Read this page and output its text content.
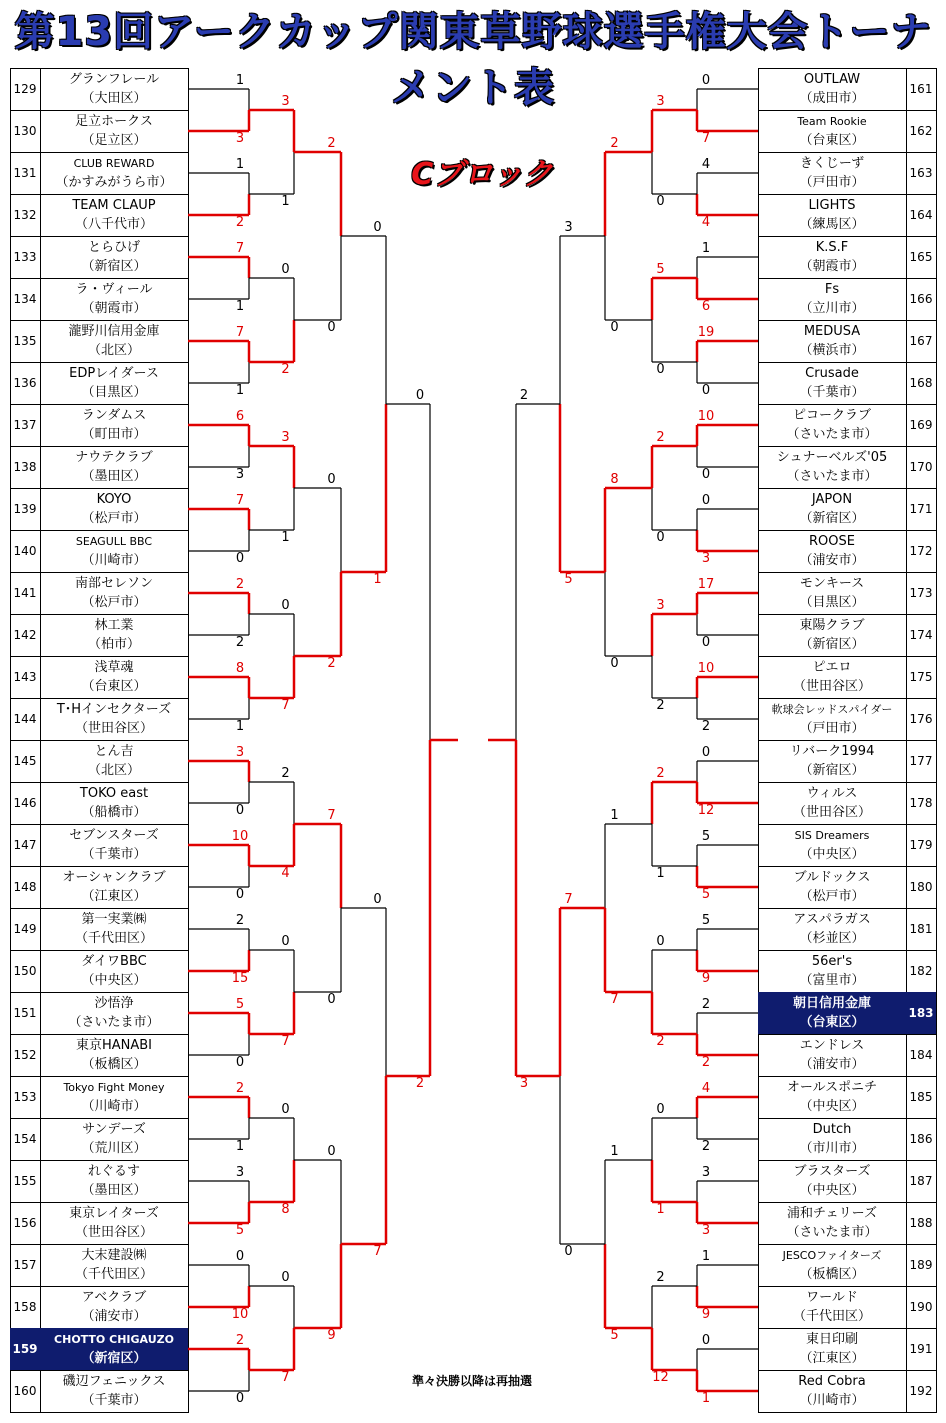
第13回アークカップ関東草野球選手権大会トーナメント表
Cブロック
129
グランフレール
（大田区）
130
足立ホークス
（足立区）
131
CLUB REWARD
（かすみがうら市）
132
TEAM CLAUP
（八千代市）
133
とらひげ
（新宿区）
134
ラ・ヴィール
（朝霞市）
135
瀧野川信用金庫
（北区）
136
EDPレイダース
（目黒区）
137
ランダムス
（町田市）
138
ナウテクラブ
（墨田区）
139
KOYO
（松戸市）
140
SEAGULL BBC
（川崎市）
141
南部セレソン
（松戸市）
142
林工業
（柏市）
143
浅草魂
（台東区）
144
T･Hインセクターズ
（世田谷区）
145
とん吉
（北区）
146
TOKO east
（船橋市）
147
セブンスターズ
（千葉市）
148
オーシャンクラブ
（江東区）
149
第一実業㈱
（千代田区）
150
ダイワBBC
（中央区）
151
沙悟浄
（さいたま市）
152
東京HANABI
（板橋区）
153
Tokyo Fight Money
（川崎市）
154
サンデーズ
（荒川区）
155
れぐるす
（墨田区）
156
東京レイターズ
（世田谷区）
157
大末建設㈱
（千代田区）
158
アベクラブ
（浦安市）
159
CHOTTO CHIGAUZO
（新宿区）
160
磯辺フェニックス
（千葉市）
161
OUTLAW
（成田市）
162
Team Rookie
（台東区）
163
きくじーず
（戸田市）
164
LIGHTS
（練馬区）
165
K.S.F
（朝霞市）
166
Fs
（立川市）
167
MEDUSA
（横浜市）
168
Crusade
（千葉市）
169
ピコークラブ
（さいたま市）
170
シュナーベルズ'05
（さいたま市）
171
JAPON
（新宿区）
172
ROOSE
（浦安市）
173
モンキース
（目黒区）
174
東陽クラブ
（新宿区）
175
ピエロ
（世田谷区）
176
軟球会レッドスパイダー
（戸田市）
177
リバーク1994
（新宿区）
178
ウィルス
（世田谷区）
179
SIS Dreamers
（中央区）
180
ブルドックス
（松戸市）
181
アスパラガス
（杉並区）
182
56er's
（富里市）
183
朝日信用金庫
（台東区）
184
エンドレス
（浦安市）
185
オールスポニチ
（中央区）
186
Dutch
（市川市）
187
ブラスターズ
（中央区）
188
浦和チェリーズ
（さいたま市）
189
JESCOファイターズ
（板橋区）
190
ワールド
（千代田区）
191
東日印刷
（江東区）
192
Red Cobra
（川崎市）
1
3
1
2
7
1
7
1
6
3
7
0
2
2
8
1
3
0
10
0
2
15
5
0
2
1
3
5
0
10
2
0
3
1
0
2
3
1
0
7
2
4
0
7
0
8
0
7
2
0
0
2
7
0
0
9
0
1
0
7
0
2
0
7
4
4
1
6
19
0
10
0
0
3
17
0
10
2
0
12
5
5
5
9
2
2
4
2
3
3
1
9
0
1
3
0
5
0
2
0
3
2
2
1
0
2
0
1
2
12
2
0
8
0
1
7
1
5
3
5
7
0
2
3
準々決勝以降は再抽選
